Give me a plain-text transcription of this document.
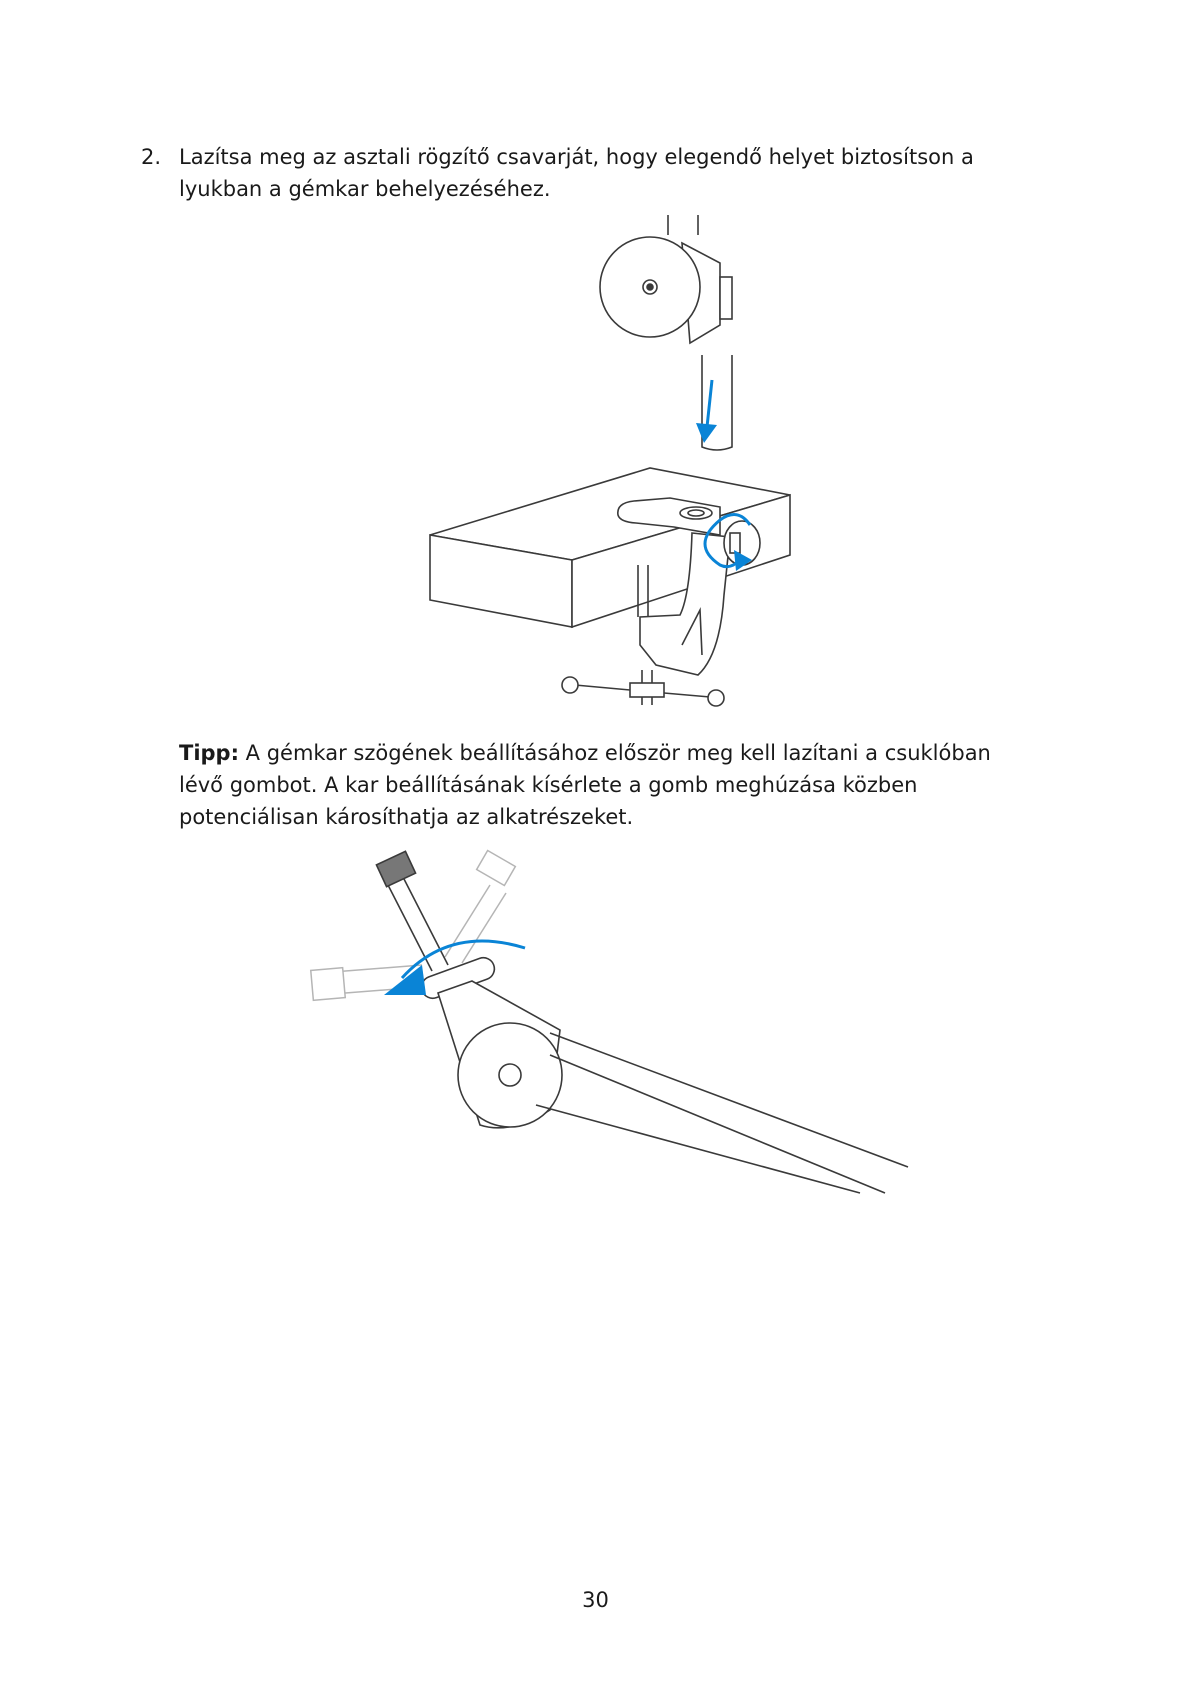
2. Lazítsa meg az asztali rögzítő csavarját, hogy elegendő helyet biztosítson a lyukban a gémkar behelyezéséhez.
Tipp: A gémkar szögének beállításához először meg kell lazítani a csuklóban lévő gombot. A kar beállításának kísérlete a gomb meghúzása közben potenciálisan károsíthatja az alkatrészeket.
30
